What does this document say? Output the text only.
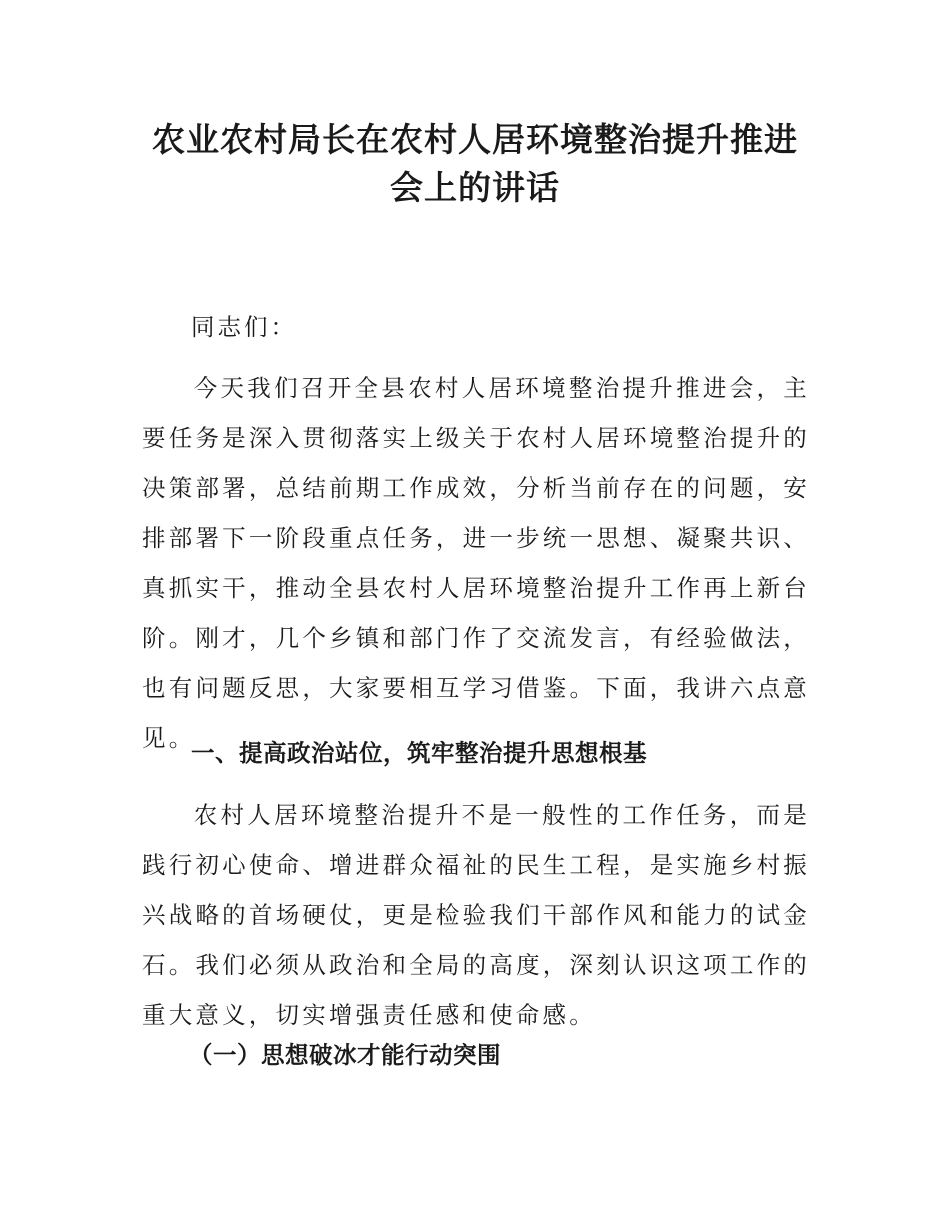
农业农村局长在农村人居环境整治提升推进
会上的讲话

同志们：

今天我们召开全县农村人居环境整治提升推进会，主要任务是深入贯彻落实上级关于农村人居环境整治提升的决策部署，总结前期工作成效，分析当前存在的问题，安排部署下一阶段重点任务，进一步统一思想、凝聚共识、真抓实干，推动全县农村人居环境整治提升工作再上新台阶。刚才，几个乡镇和部门作了交流发言，有经验做法，也有问题反思，大家要相互学习借鉴。下面，我讲六点意见。

一、提高政治站位，筑牢整治提升思想根基

农村人居环境整治提升不是一般性的工作任务，而是践行初心使命、增进群众福祉的民生工程，是实施乡村振兴战略的首场硬仗，更是检验我们干部作风和能力的试金石。我们必须从政治和全局的高度，深刻认识这项工作的重大意义，切实增强责任感和使命感。

（一）思想破冰才能行动突围
